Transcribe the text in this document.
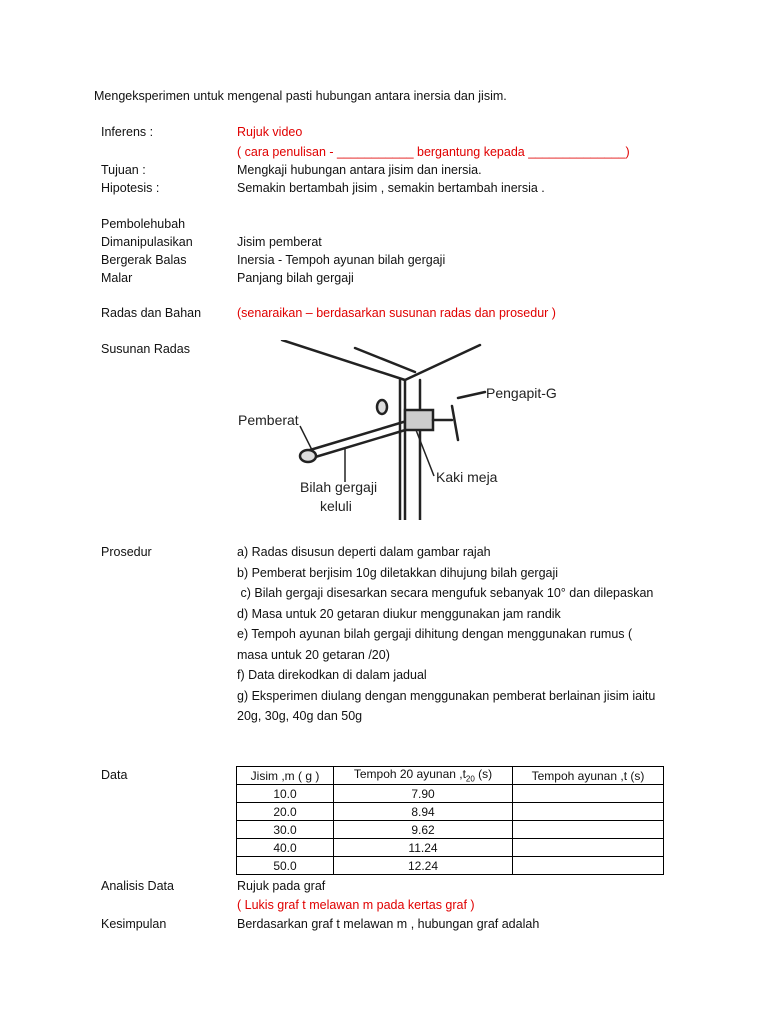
Mengeksperimen untuk mengenal pasti hubungan antara inersia dan jisim.
Inferens :	Rujuk video
( cara penulisan - ___________ bergantung kepada ______________)
Tujuan :	Mengkaji hubungan antara jisim dan inersia.
Hipotesis :	Semakin bertambah jisim , semakin bertambah inersia .
Pembolehubah
Dimanipulasikan	Jisim pemberat
Bergerak Balas	Inersia - Tempoh ayunan bilah gergaji
Malar	Panjang bilah gergaji
Radas dan Bahan	(senaraikan – berdasarkan susunan radas dan prosedur )
Susunan Radas
Pengapit-G
Pemberat
Kaki meja
Bilah gergaji
keluli
Prosedur	a) Radas disusun deperti dalam gambar rajah
b) Pemberat berjisim 10g diletakkan dihujung bilah gergaji
c) Bilah gergaji disesarkan secara mengufuk sebanyak 10° dan dilepaskan
d) Masa untuk 20 getaran diukur menggunakan jam randik
e) Tempoh ayunan bilah gergaji dihitung dengan menggunakan rumus ( masa untuk 20 getaran /20)
f) Data direkodkan di dalam jadual
g) Eksperimen diulang dengan menggunakan pemberat berlainan jisim iaitu 20g, 30g, 40g dan 50g
Data	Jisim ,m ( g )	Tempoh 20 ayunan $,t_{20}$ (s)	Tempoh ayunan ,t (s)
10.0	7.90	
20.0	8.94	
30.0	9.62	
40.0	11.24	
50.0	12.24	
Analisis Data	Rujuk pada graf
( Lukis graf t melawan m pada kertas graf )
Kesimpulan	Berdasarkan graf t melawan m , hubungan graf adalah
